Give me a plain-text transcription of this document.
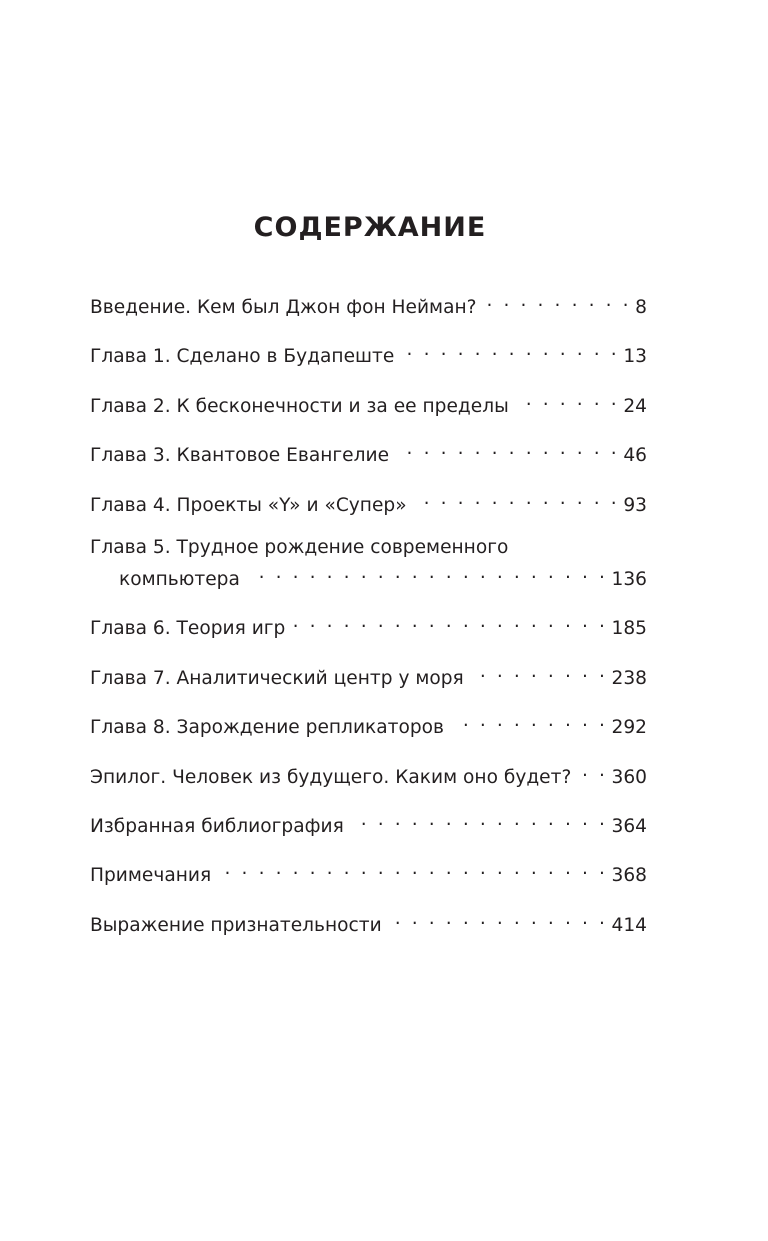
СОДЕРЖАНИЕ
Введение. Кем был Джон фон Нейман? . . .	8
Глава 1. Сделано в Будапеште . . .	13
Глава 2. К бесконечности и за ее пределы . . .	24
Глава 3. Квантовое Евангелие . . .	46
Глава 4. Проекты «Y» и «Супер» . . .	93
Глава 5. Трудное рождение современного
компьютера . . .	136
Глава 6. Теория игр . . .	185
Глава 7. Аналитический центр у моря . . .	238
Глава 8. Зарождение репликаторов . . .	292
Эпилог. Человек из будущего. Каким оно будет? . . . 360
Избранная библиография . . .	364
Примечания . . .	368
Выражение признательности . . .	414
